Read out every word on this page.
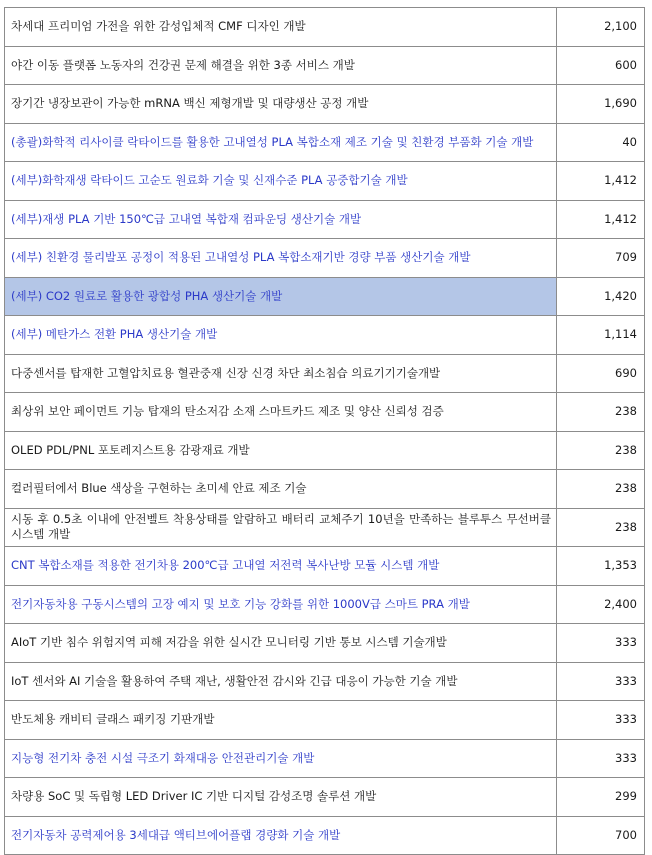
차세대 프리미엄 가전을 위한 감성입체적 CMF 디자인 개발	2,100
야간 이동 플랫폼 노동자의 건강권 문제 해결을 위한 3종 서비스 개발	600
장기간 냉장보관이 가능한 mRNA 백신 제형개발 및 대량생산 공정 개발	1,690
(총괄)화학적 리사이클 락타이드를 활용한 고내열성 PLA 복합소재 제조 기술 및 친환경 부품화 기술 개발	40
(세부)화학재생 락타이드 고순도 원료화 기술 및 신재수준 PLA 공중합기술 개발	1,412
(세부)재생 PLA 기반 150℃급 고내열 복합재 컴파운딩 생산기술 개발	1,412
(세부) 친환경 물리발포 공정이 적용된 고내열성 PLA 복합소재기반 경량 부품 생산기술 개발	709
(세부) CO2 원료로 활용한 광합성 PHA 생산기술 개발	1,420
(세부) 메탄가스 전환 PHA 생산기술 개발	1,114
다중센서를 탑재한 고혈압치료용 혈관중재 신장 신경 차단 최소침습 의료기기기술개발	690
최상위 보안 페이먼트 기능 탑재의 탄소저감 소재 스마트카드 제조 및 양산 신뢰성 검증	238
OLED PDL/PNL 포토레지스트용 감광재료 개발	238
컬러필터에서 Blue 색상을 구현하는 초미세 안료 제조 기술	238
시동 후 0.5초 이내에 안전벨트 착용상태를 알람하고 배터리 교체주기 10년을 만족하는 블루투스 무선버클 시스템 개발	238
CNT 복합소재를 적용한 전기차용 200℃급 고내열 저전력 복사난방 모듈 시스템 개발	1,353
전기자동차용 구동시스템의 고장 예지 및 보호 기능 강화를 위한 1000V급 스마트 PRA 개발	2,400
AIoT 기반 침수 위험지역 피해 저감을 위한 실시간 모니터링 기반 통보 시스템 기술개발	333
IoT 센서와 AI 기술을 활용하여 주택 재난, 생활안전 감시와 긴급 대응이 가능한 기술 개발	333
반도체용 캐비티 글래스 패키징 기판개발	333
지능형 전기차 충전 시설 극조기 화재대응 안전관리기술 개발	333
차량용 SoC 및 독립형 LED Driver IC 기반 디지털 감성조명 솔루션 개발	299
전기자동차 공력제어용 3세대급 액티브에어플랩 경량화 기술 개발	700
